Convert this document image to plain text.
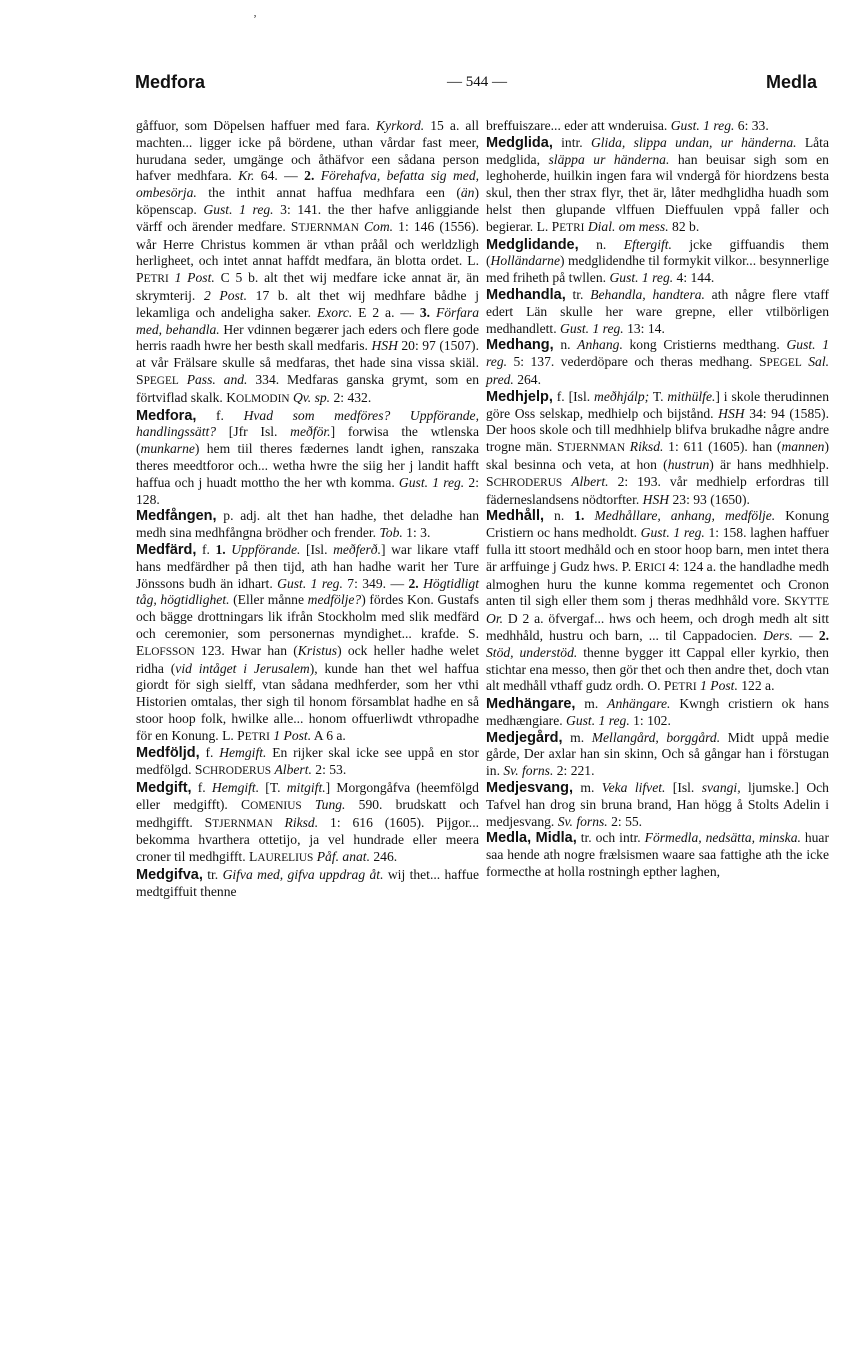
ʼ
Medfora	— 544 —	Medla

gåffuor, som Döpelsen haffuer med fara. Kyrkord. 15 a. all machten... ligger icke på bördene, uthan vårdar fast meer, hurudana seder, umgänge och åthäfvor een sådana person hafver medhfara. Kr. 64. — 2. Förehafva, befatta sig med, ombesörja. the inthit annat haffua medhfara een (än) köpenscap. Gust. 1 reg. 3: 141. the ther hafve anliggiande värff och ärender medfare. STJERNMAN Com. 1: 146 (1556). wår Herre Christus kommen är vthan pråål och werldzligh herligheet, och intet annat haffdt medfara, än blotta ordet. L. PETRI 1 Post. C 5 b. alt thet wij medfare icke annat är, än skrymterij. 2 Post. 17 b. alt thet wij medhfare bådhe j lekamliga och andeligha saker. Exorc. E 2 a. — 3. Förfara med, behandla. Her vdinnen begærer jach eders och flere gode herris raadh hwre her besth skall medfaris. HSH 20: 97 (1507). at vår Frälsare skulle så medfaras, thet hade sina vissa skiäl. SPEGEL Pass. and. 334. Medfaras ganska grymt, som en förtviflad skalk. KOLMODIN Qv. sp. 2: 432.

Medfora, f. Hvad som medföres? Uppförande, handlingssätt? [Jfr Isl. meðför.] forwisa the wtlenska (munkarne) hem tiil theres fædernes landt ighen, ranszaka theres meedtforor och... wetha hwre the siig her j landit hafft haffua och j huadt mottho the her wth komma. Gust. 1 reg. 2: 128.

Medfången, p. adj. alt thet han hadhe, thet deladhe han medh sina medhfångna brödher och frender. Tob. 1: 3.

Medfärd, f. 1. Uppförande. [Isl. meðferð.] war likare vtaff hans medfärdher på then tijd, ath han hadhe warit her Ture Jönssons budh än idhart. Gust. 1 reg. 7: 349. — 2. Högtidligt tåg, högtidlighet. (Eller månne medfölje?) fördes Kon. Gustafs och bägge drottningars lik ifrån Stockholm med slik medfärd och ceremonier, som personernas myndighet... krafde. S. ELOFSSON 123. Hwar han (Kristus) ock heller hadhe welet ridha (vid intåget i Jerusalem), kunde han thet wel haffua giordt för sigh sielff, vtan sådana medhferder, som her vthi Historien omtalas, ther sigh til honom församblat hadhe en så stoor hoop folk, hwilke alle... honom offuerliwdt vthropadhe för en Konung. L. PETRI 1 Post. A 6 a.

Medföljd, f. Hemgift. En rijker skal icke see uppå en stor medfölgd. SCHRODERUS Albert. 2: 53.

Medgift, f. Hemgift. [T. mitgift.] Morgongåfva (heemfölgd eller medgifft). COMENIUS Tung. 590. brudskatt och medhgifft. STJERNMAN Riksd. 1: 616 (1605). Pijgor... bekomma hvarthera ottetijo, ja vel hundrade eller meera croner til medhgifft. LAURELIUS Påf. anat. 246.

Medgifva, tr. Gifva med, gifva uppdrag åt. wij thet... haffue medtgiffuit thenne

breffuiszare... eder att wnderuisa. Gust. 1 reg. 6: 33.

Medglida, intr. Glida, slippa undan, ur händerna. Låta medglida, släppa ur händerna. han beuisar sigh som en leghoherde, huilkin ingen fara wil vndergå för hiordzens besta skul, then ther strax flyr, thet är, låter medhglidha huadh som helst then glupande vlffuen Dieffuulen vppå faller och begierar. L. PETRI Dial. om mess. 82 b.

Medglidande, n. Eftergift. jcke giffuandis them (Holländarne) medglidendhe til formykit vilkor... besynnerlige med friheth på twllen. Gust. 1 reg. 4: 144.

Medhandla, tr. Behandla, handtera. ath någre flere vtaff edert Län skulle her ware grepne, eller vtilbörligen medhandlett. Gust. 1 reg. 13: 14.

Medhang, n. Anhang. kong Cristierns medthang. Gust. 1 reg. 5: 137. vederdöpare och theras medhang. SPEGEL Sal. pred. 264.

Medhjelp, f. [Isl. meðhjálp; T. mithülfe.] i skole therudinnen göre Oss selskap, medhielp och bijstånd. HSH 34: 94 (1585). Der hoos skole och till medhhielp blifva brukadhe någre andre trogne män. STJERNMAN Riksd. 1: 611 (1605). han (mannen) skal besinna och veta, at hon (hustrun) är hans medhhielp. SCHRODERUS Albert. 2: 193. vår medhielp erfordras till fäderneslandsens nödtorfter. HSH 23: 93 (1650).

Medhåll, n. 1. Medhållare, anhang, medfölje. Konung Cristiern oc hans medholdt. Gust. 1 reg. 1: 158. laghen haffuer fulla itt stoort medhåld och en stoor hoop barn, men intet thera är arffuinge j Gudz hws. P. ERICI 4: 124 a. the handladhe medh almoghen huru the kunne komma regementet och Cronon anten til sigh eller them som j theras medhhåld vore. SKYTTE Or. D 2 a. öfvergaf... hws och heem, och drogh medh alt sitt medhhåld, hustru och barn, ... til Cappadocien. Ders. — 2. Stöd, understöd. thenne bygger itt Cappal eller kyrkio, then stichtar ena messo, then gör thet och then andre thet, doch vtan alt medhåll vthaff gudz ordh. O. PETRI 1 Post. 122 a.

Medhängare, m. Anhängare. Kwngh cristiern ok hans medhængiare. Gust. 1 reg. 1: 102.

Medjegård, m. Mellangård, borggård. Midt uppå medie gårde, Der axlar han sin skinn, Och så gångar han i förstugan in. Sv. forns. 2: 221.

Medjesvang, m. Veka lifvet. [Isl. svangi, ljumske.] Och Tafvel han drog sin bruna brand, Han högg å Stolts Adelin i medjesvang. Sv. forns. 2: 55.

Medla, Midla, tr. och intr. Förmedla, nedsätta, minska. huar saa hende ath nogre frælsismen waare saa fattighe ath the icke formecthe at holla rostningh epther laghen,
